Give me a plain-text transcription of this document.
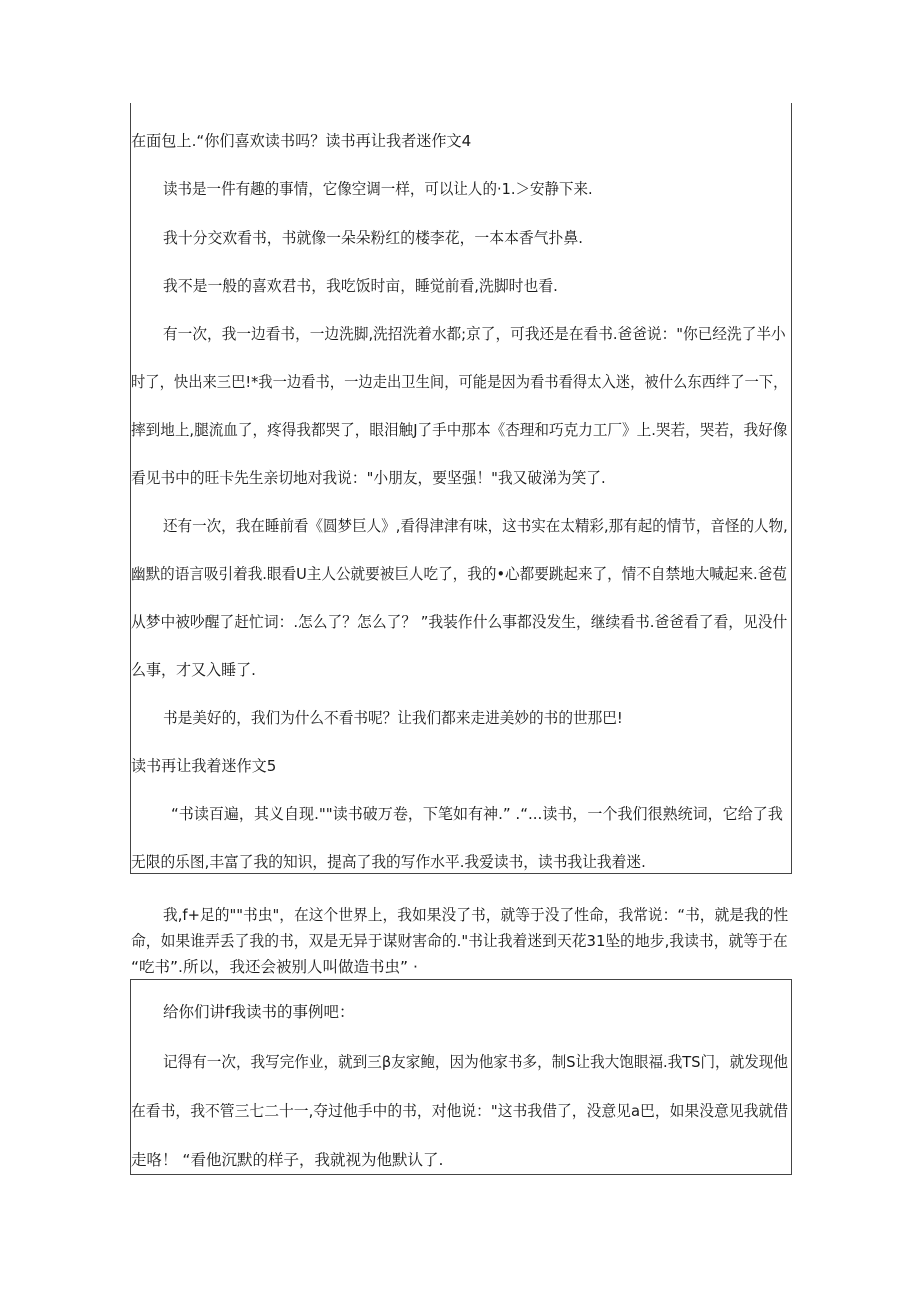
在面包上.“你们喜欢读书吗？读书再让我者迷作文4
读书是一件有趣的事情，它像空调一样，可以让人的·1.＞安静下来.
我十分交欢看书，书就像一朵朵粉红的楼李花，一本本香气扑鼻.
我不是一般的喜欢君书，我吃饭时亩，睡觉前看,洗脚时也看.
有一次，我一边看书，一边洗脚,洗招洗着水都;京了，可我还是在看书.爸爸说："你已经洗了半小
时了，快出来三巴!*我一边看书，一边走出卫生间，可能是因为看书看得太入迷，被什么东西绊了一下，
摔到地上,腿流血了，疼得我都哭了，眼泪触J了手中那本《杏理和巧克力工厂》上.哭若，哭若，我好像
看见书中的旺卡先生亲切地对我说："小朋友，要坚强！"我又破涕为笑了.
还有一次，我在睡前看《圆梦巨人》,看得津津有味，这书实在太精彩,那有起的情节，音怪的人物,
幽默的语言吸引着我.眼看U主人公就要被巨人吃了，我的•心都要跳起来了，情不自禁地大喊起来.爸苞
从梦中被吵醒了赶忙词：.怎么了？怎么了？ ”我装作什么事都没发生，继续看书.爸爸看了看，见没什
么事，才又入睡了.
书是美好的，我们为什么不看书呢？让我们都来走进美妙的书的世那巴!
读书再让我着迷作文5
“书读百遍，其义自现.""读书破万卷，下笔如有神.” .“...读书，一个我们很熟统词，它给了我
无限的乐图,丰富了我的知识，提高了我的写作水平.我爱读书，读书我让我着迷.
我,f+足的""书虫"，在这个世界上，我如果没了书，就等于没了性命，我常说：“书，就是我的性
命，如果谁弄丢了我的书，双是无异于谋财害命的."书让我着迷到天花31坠的地步,我读书，就等于在
“吃书”.所以，我还会被别人叫做造书虫” ·
给你们讲f我读书的事例吧：
记得有一次，我写完作业，就到三β友家鲍，因为他家书多，制S让我大饱眼福.我TS门，就发现他
在看书，我不管三七二十一,夺过他手中的书，对他说："这书我借了，没意见a巴，如果没意见我就借
走咯！ “看他沉默的样子，我就视为他默认了.
